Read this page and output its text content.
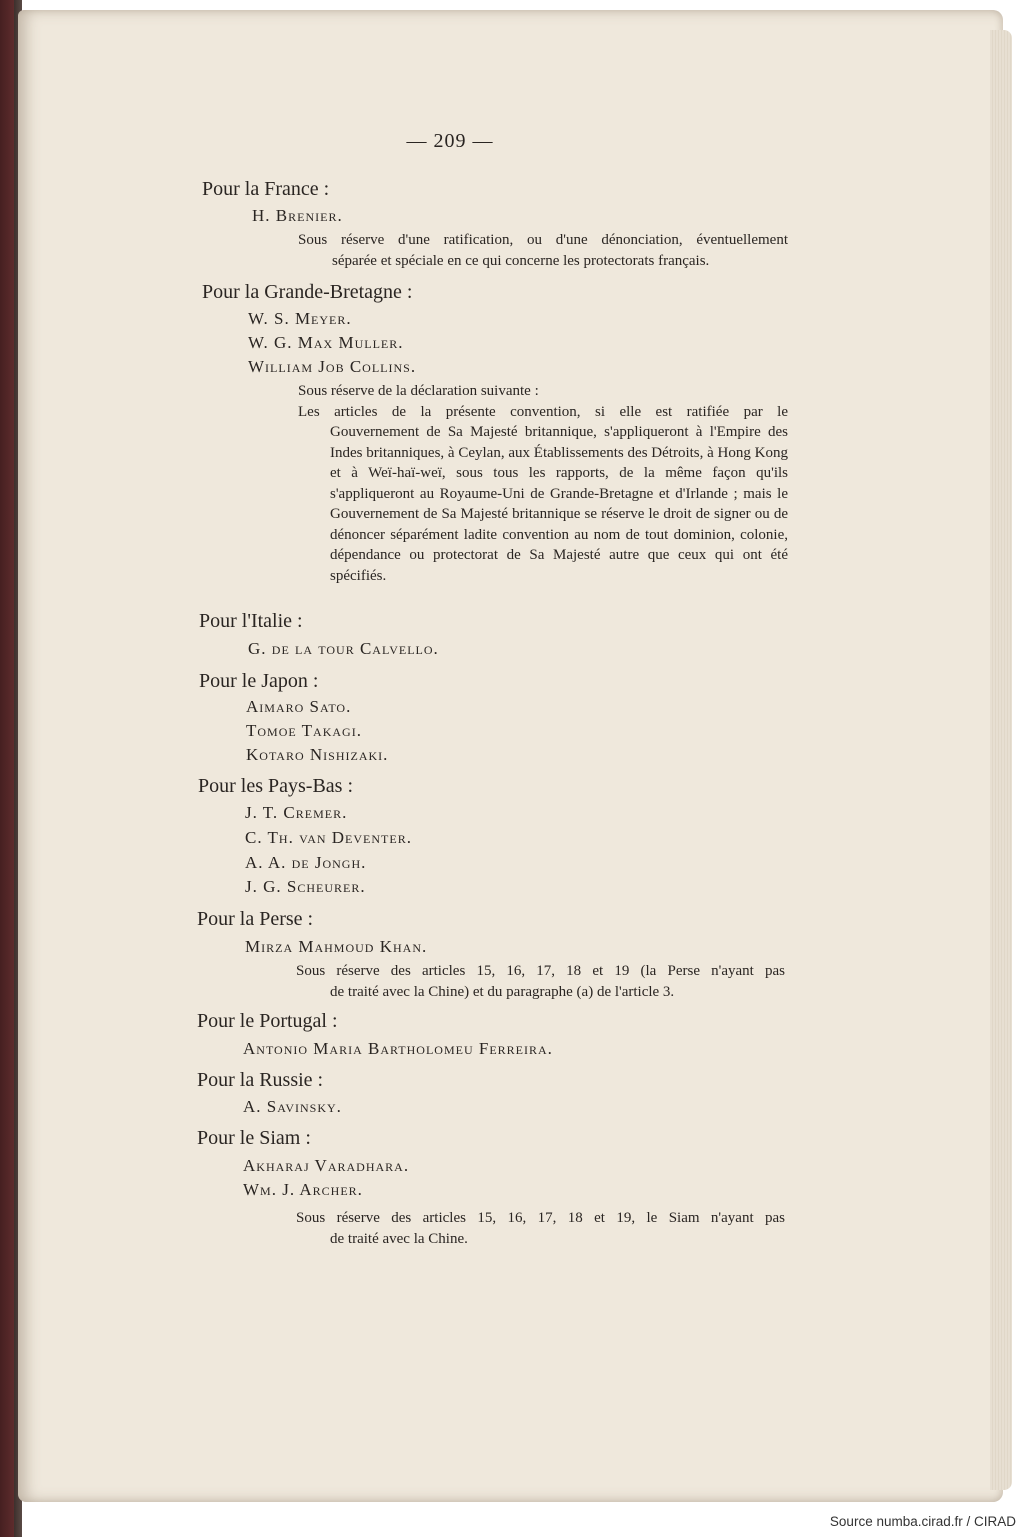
— 209 —
Pour la France :
H. Brenier.
Sous réserve d'une ratification, ou d'une dénonciation, éventuellement
séparée et spéciale en ce qui concerne les protectorats français.
Pour la Grande-Bretagne :
W. S. Meyer.
W. G. Max Muller.
William Job Collins.
Sous réserve de la déclaration suivante :
Les articles de la présente convention, si elle est ratifiée par le
Gouvernement de Sa Majesté britannique, s'appliqueront à l'Empire des Indes britanniques, à Ceylan, aux Établissements des Détroits, à Hong Kong et à Weï-haï-weï, sous tous les rapports, de la même façon qu'ils s'appliqueront au Royaume-Uni de Grande-Bretagne et d'Irlande ; mais le Gouvernement de Sa Majesté britannique se réserve le droit de signer ou de dénoncer séparément ladite convention au nom de tout dominion, colonie, dépendance ou protectorat de Sa Majesté autre que ceux qui ont été spécifiés.
Pour l'Italie :
G. de la tour Calvello.
Pour le Japon :
Aimaro Sato.
Tomoe Takagi.
Kotaro Nishizaki.
Pour les Pays-Bas :
J. T. Cremer.
C. Th. van Deventer.
A. A. de Jongh.
J. G. Scheurer.
Pour la Perse :
Mirza Mahmoud Khan.
Sous réserve des articles 15, 16, 17, 18 et 19 (la Perse n'ayant pas
de traité avec la Chine) et du paragraphe (a) de l'article 3.
Pour le Portugal :
Antonio Maria Bartholomeu Ferreira.
Pour la Russie :
A. Savinsky.
Pour le Siam :
Akharaj Varadhara.
Wm. J. Archer.
Sous réserve des articles 15, 16, 17, 18 et 19, le Siam n'ayant pas
de traité avec la Chine.
Source numba.cirad.fr / CIRAD
